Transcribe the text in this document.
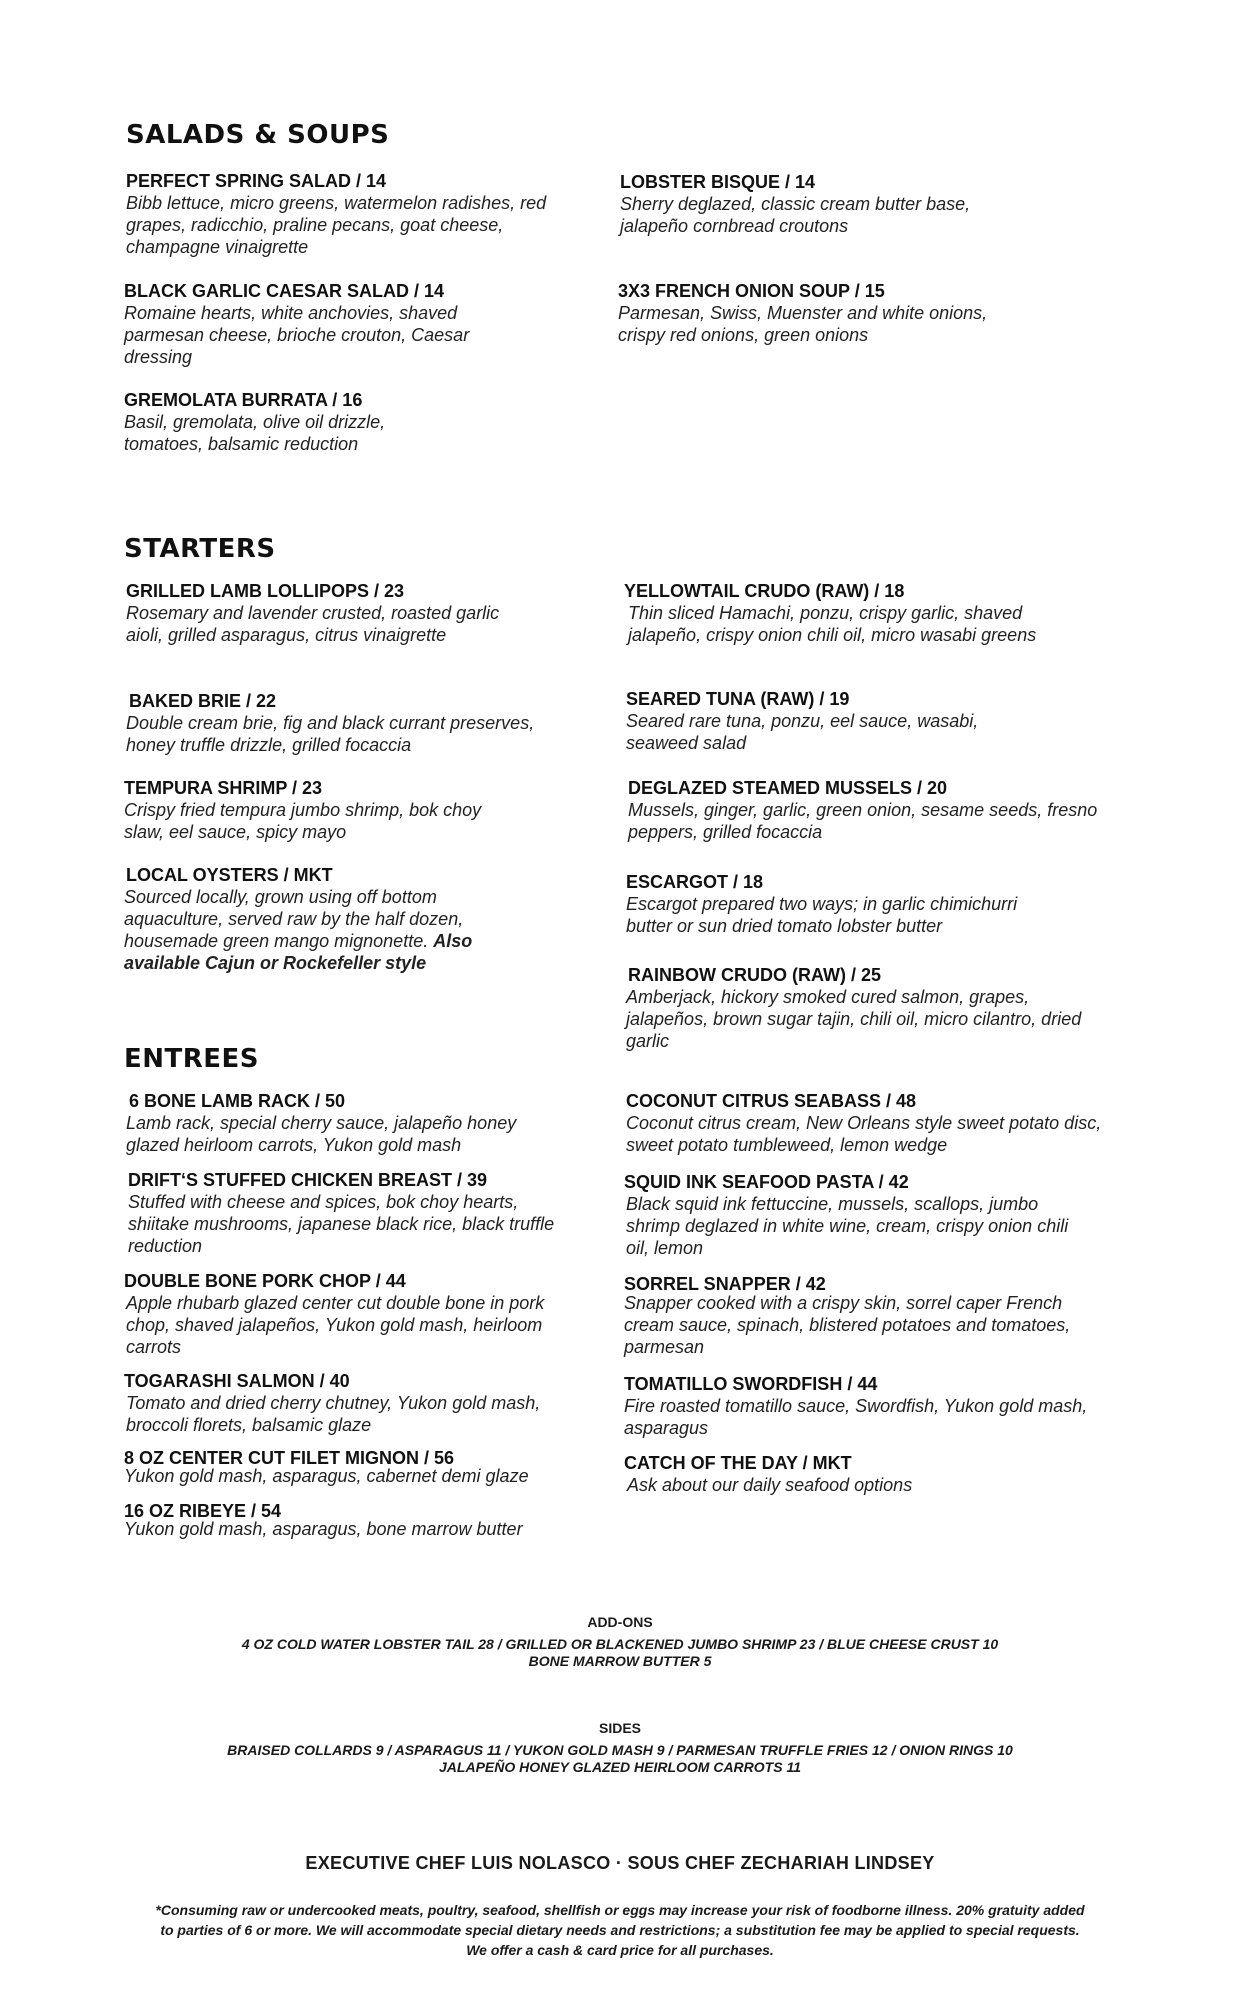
SALADS & SOUPS
PERFECT SPRING SALAD / 14
Bibb lettuce, micro greens, watermelon radishes, red grapes, radicchio, praline pecans, goat cheese, champagne vinaigrette
BLACK GARLIC CAESAR SALAD / 14
Romaine hearts, white anchovies, shaved parmesan cheese, brioche crouton, Caesar dressing
GREMOLATA BURRATA / 16
Basil, gremolata, olive oil drizzle, tomatoes, balsamic reduction
LOBSTER BISQUE / 14
Sherry deglazed, classic cream butter base, jalapeño cornbread croutons
3X3 FRENCH ONION SOUP / 15
Parmesan, Swiss, Muenster and white onions, crispy red onions, green onions
STARTERS
GRILLED LAMB LOLLIPOPS / 23
Rosemary and lavender crusted, roasted garlic aioli, grilled asparagus, citrus vinaigrette
BAKED BRIE / 22
Double cream brie, fig and black currant preserves, honey truffle drizzle, grilled focaccia
TEMPURA SHRIMP / 23
Crispy fried tempura jumbo shrimp, bok choy slaw, eel sauce, spicy mayo
LOCAL OYSTERS / MKT
Sourced locally, grown using off bottom aquaculture, served raw by the half dozen, housemade green mango mignonette. Also available Cajun or Rockefeller style
YELLOWTAIL CRUDO (RAW) / 18
Thin sliced Hamachi, ponzu, crispy garlic, shaved jalapeño, crispy onion chili oil, micro wasabi greens
SEARED TUNA (RAW) / 19
Seared rare tuna, ponzu, eel sauce, wasabi, seaweed salad
DEGLAZED STEAMED MUSSELS / 20
Mussels, ginger, garlic, green onion, sesame seeds, fresno peppers, grilled focaccia
ESCARGOT / 18
Escargot prepared two ways; in garlic chimichurri butter or sun dried tomato lobster butter
RAINBOW CRUDO (RAW) / 25
Amberjack, hickory smoked cured salmon, grapes, jalapeños, brown sugar tajin, chili oil, micro cilantro, dried garlic
ENTREES
6 BONE LAMB RACK / 50
Lamb rack, special cherry sauce, jalapeño honey glazed heirloom carrots, Yukon gold mash
DRIFT‘S STUFFED CHICKEN BREAST / 39
Stuffed with cheese and spices, bok choy hearts, shiitake mushrooms, japanese black rice, black truffle reduction
DOUBLE BONE PORK CHOP / 44
Apple rhubarb glazed center cut double bone in pork chop, shaved jalapeños, Yukon gold mash, heirloom carrots
TOGARASHI SALMON / 40
Tomato and dried cherry chutney, Yukon gold mash, broccoli florets, balsamic glaze
8 OZ CENTER CUT FILET MIGNON / 56
Yukon gold mash, asparagus, cabernet demi glaze
16 OZ RIBEYE / 54
Yukon gold mash, asparagus, bone marrow butter
COCONUT CITRUS SEABASS / 48
Coconut citrus cream, New Orleans style sweet potato disc, sweet potato tumbleweed, lemon wedge
SQUID INK SEAFOOD PASTA / 42
Black squid ink fettuccine, mussels, scallops, jumbo shrimp deglazed in white wine, cream, crispy onion chili oil, lemon
SORREL SNAPPER / 42
Snapper cooked with a crispy skin, sorrel caper French cream sauce, spinach, blistered potatoes and tomatoes, parmesan
TOMATILLO SWORDFISH / 44
Fire roasted tomatillo sauce, Swordfish, Yukon gold mash, asparagus
CATCH OF THE DAY / MKT
Ask about our daily seafood options
ADD-ONS
4 OZ COLD WATER LOBSTER TAIL 28 / GRILLED OR BLACKENED JUMBO SHRIMP 23 / BLUE CHEESE CRUST 10
BONE MARROW BUTTER 5
SIDES
BRAISED COLLARDS 9 / ASPARAGUS 11 / YUKON GOLD MASH 9 / PARMESAN TRUFFLE FRIES 12 / ONION RINGS 10
JALAPEÑO HONEY GLAZED HEIRLOOM CARROTS 11
EXECUTIVE CHEF LUIS NOLASCO · SOUS CHEF ZECHARIAH LINDSEY
*Consuming raw or undercooked meats, poultry, seafood, shellfish or eggs may increase your risk of foodborne illness. 20% gratuity added
to parties of 6 or more. We will accommodate special dietary needs and restrictions; a substitution fee may be applied to special requests.
We offer a cash & card price for all purchases.
